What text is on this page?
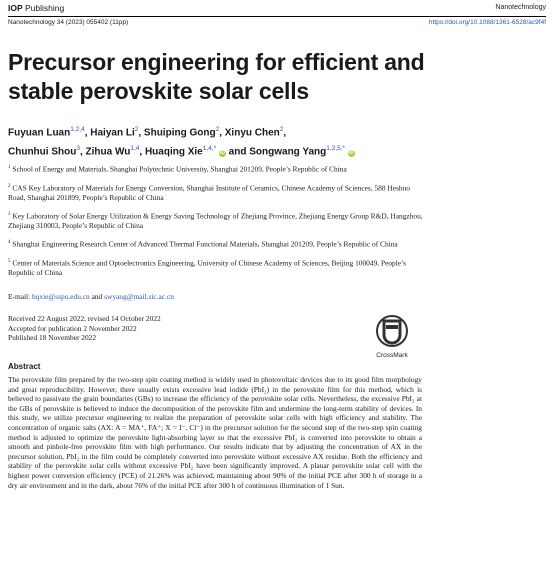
IOP Publishing	Nanotechnology
Nanotechnology 34 (2023) 055402 (11pp)	https://doi.org/10.1088/1361-6528/ac9f4f
Precursor engineering for efficient and
stable perovskite solar cells
Fuyuan Luan$^{1,2,4}$, Haiyan Li$^2$, Shuiping Gong$^2$, Xinyu Chen$^2$,
Chunhui Shou$^3$, Zihua Wu$^{1,4}$, Huaqing Xie$^{1,4,*}$ iD and Songwang Yang$^{1,2,5,*}$ iD
$^1$ School of Energy and Materials, Shanghai Polytechnic University, Shanghai 201209, People’s Republic of China
$^2$ CAS Key Laboratory of Materials for Energy Conversion, Shanghai Institute of Ceramics, Chinese Academy of Sciences, 588 Heshuo Road, Shanghai 201899, People’s Republic of China
$^3$ Key Laboratory of Solar Energy Utilization & Energy Saving Technology of Zhejiang Province, Zhejiang Energy Group R&D, Hangzhou, Zhejiang 310003, People’s Republic of China
$^4$ Shanghai Engineering Research Center of Advanced Thermal Functional Materials, Shanghai 201209, People’s Republic of China
$^5$ Center of Materials Science and Optoelectronics Engineering, University of Chinese Academy of Sciences, Beijing 100049, People’s Republic of China
E-mail: hqxie@sspu.edu.cn and swyang@mail.sic.ac.cn
Received 22 August 2022, revised 14 October 2022
Accepted for publication 2 November 2022
Published 18 November 2022
CrossMark
Abstract
The perovskite film prepared by the two-step spin coating method is widely used in photovoltaic devices due to its good film morphology and great reproducibility. However, there usually exists excessive lead iodide (PbI₂) in the perovskite film for this method, which is believed to passivate the grain boundaries (GBs) to increase the efficiency of the perovskite solar cells. Nevertheless, the excessive PbI₂ at the GBs of perovskite is believed to induce the decomposition of the perovskite film and undermine the long-term stability of devices. In this study, we utilize precursor engineering to realize the preparation of perovskite solar cells with high efficiency and stability. The concentration of organic salts (AX: A = MA⁺, FA⁺; X = I⁻, Cl⁻) in the precursor solution for the second step of the two-step spin coating method is adjusted to optimize the perovskite light-absorbing layer so that the excessive PbI₂ is converted into perovskite to obtain a smooth and pinhole-free perovskite film with high performance. Our results indicate that by adjusting the concentration of AX in the precursor solution, PbI₂ in the film could be completely converted into perovskite without excessive AX residue. Both the efficiency and stability of the perovskite solar cells without excessive PbI₂ have been significantly improved. A planar perovskite solar cell with the highest power conversion efficiency (PCE) of 21.26% was achieved, maintaining about 90% of the initial PCE after 300 h of storage in a dry air environment and in the dark, about 76% of the initial PCE after 300 h of continuous illumination of 1 Sun.
